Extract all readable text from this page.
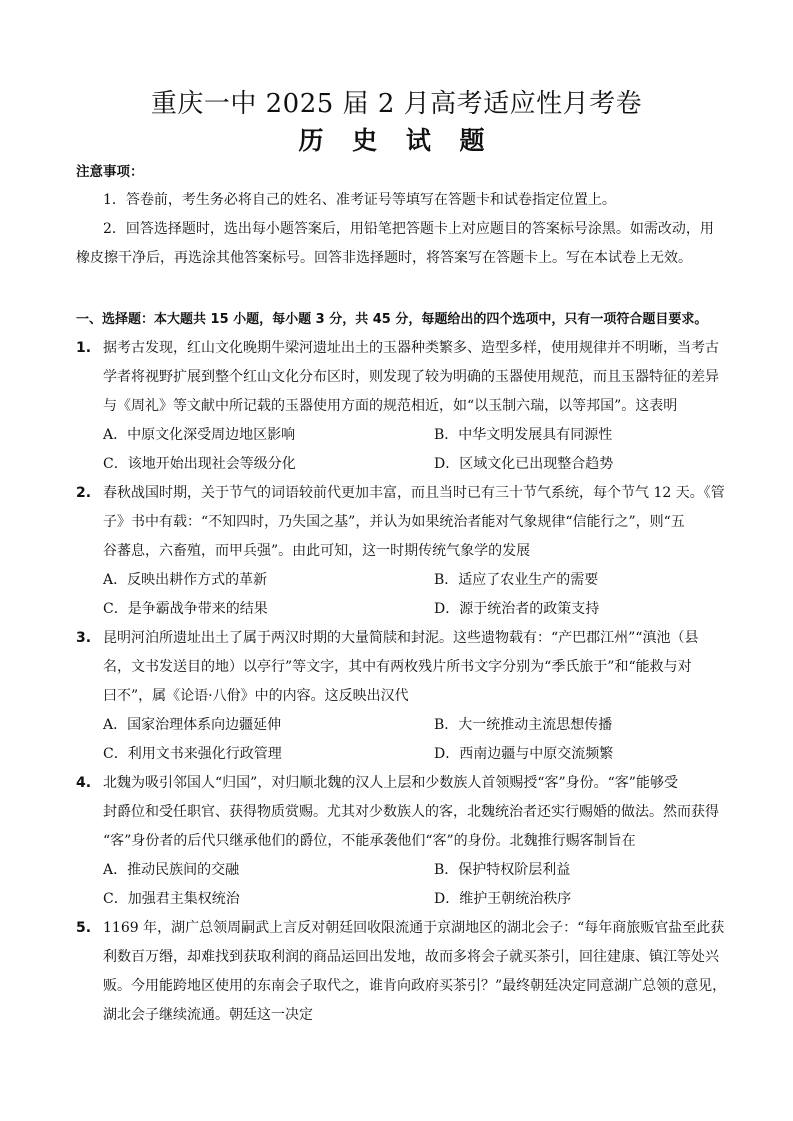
重庆一中 2025 届 2 月高考适应性月考卷
历 史 试 题
注意事项：
1．答卷前，考生务必将自己的姓名、准考证号等填写在答题卡和试卷指定位置上。
2．回答选择题时，选出每小题答案后，用铅笔把答题卡上对应题目的答案标号涂黑。如需改动，用
橡皮擦干净后，再选涂其他答案标号。回答非选择题时，将答案写在答题卡上。写在本试卷上无效。
一、选择题：本大题共 15 小题，每小题 3 分，共 45 分，每题给出的四个选项中，只有一项符合题目要求。
1. 据考古发现，红山文化晚期牛梁河遗址出土的玉器种类繁多、造型多样，使用规律并不明晰，当考古
学者将视野扩展到整个红山文化分布区时，则发现了较为明确的玉器使用规范，而且玉器特征的差异
与《周礼》等文献中所记载的玉器使用方面的规范相近，如“以玉制六瑞，以等邦国”。这表明
A．中原文化深受周边地区影响	B．中华文明发展具有同源性
C．该地开始出现社会等级分化	D．区域文化已出现整合趋势
2. 春秋战国时期，关于节气的词语较前代更加丰富，而且当时已有三十节气系统，每个节气 12 天。《管
子》书中有载：“不知四时，乃失国之基”，并认为如果统治者能对气象规律“信能行之”，则“五
谷蕃息，六畜殖，而甲兵强”。由此可知，这一时期传统气象学的发展
A．反映出耕作方式的革新	B．适应了农业生产的需要
C．是争霸战争带来的结果	D．源于统治者的政策支持
3. 昆明河泊所遗址出土了属于两汉时期的大量简牍和封泥。这些遗物载有：“产巴郡江州”“滇池（县
名，文书发送目的地）以亭行”等文字，其中有两枚残片所书文字分别为“季氏旅于”和“能救与对
曰不”，属《论语·八佾》中的内容。这反映出汉代
A．国家治理体系向边疆延伸	B．大一统推动主流思想传播
C．利用文书来强化行政管理	D．西南边疆与中原交流频繁
4. 北魏为吸引邻国人“归国”，对归顺北魏的汉人上层和少数族人首领赐授“客”身份。“客”能够受
封爵位和受任职官、获得物质赏赐。尤其对少数族人的客，北魏统治者还实行赐婚的做法。然而获得
“客”身份者的后代只继承他们的爵位，不能承袭他们“客”的身份。北魏推行赐客制旨在
A．推动民族间的交融	B．保护特权阶层利益
C．加强君主集权统治	D．维护王朝统治秩序
5. 1169 年，湖广总领周嗣武上言反对朝廷回收限流通于京湖地区的湖北会子：“每年商旅贩官盐至此获
利数百万缗，却难找到获取利润的商品运回出发地，故而多将会子就买茶引，回往建康、镇江等处兴
贩。今用能跨地区使用的东南会子取代之，谁肯向政府买茶引？”最终朝廷决定同意湖广总领的意见，
湖北会子继续流通。朝廷这一决定
